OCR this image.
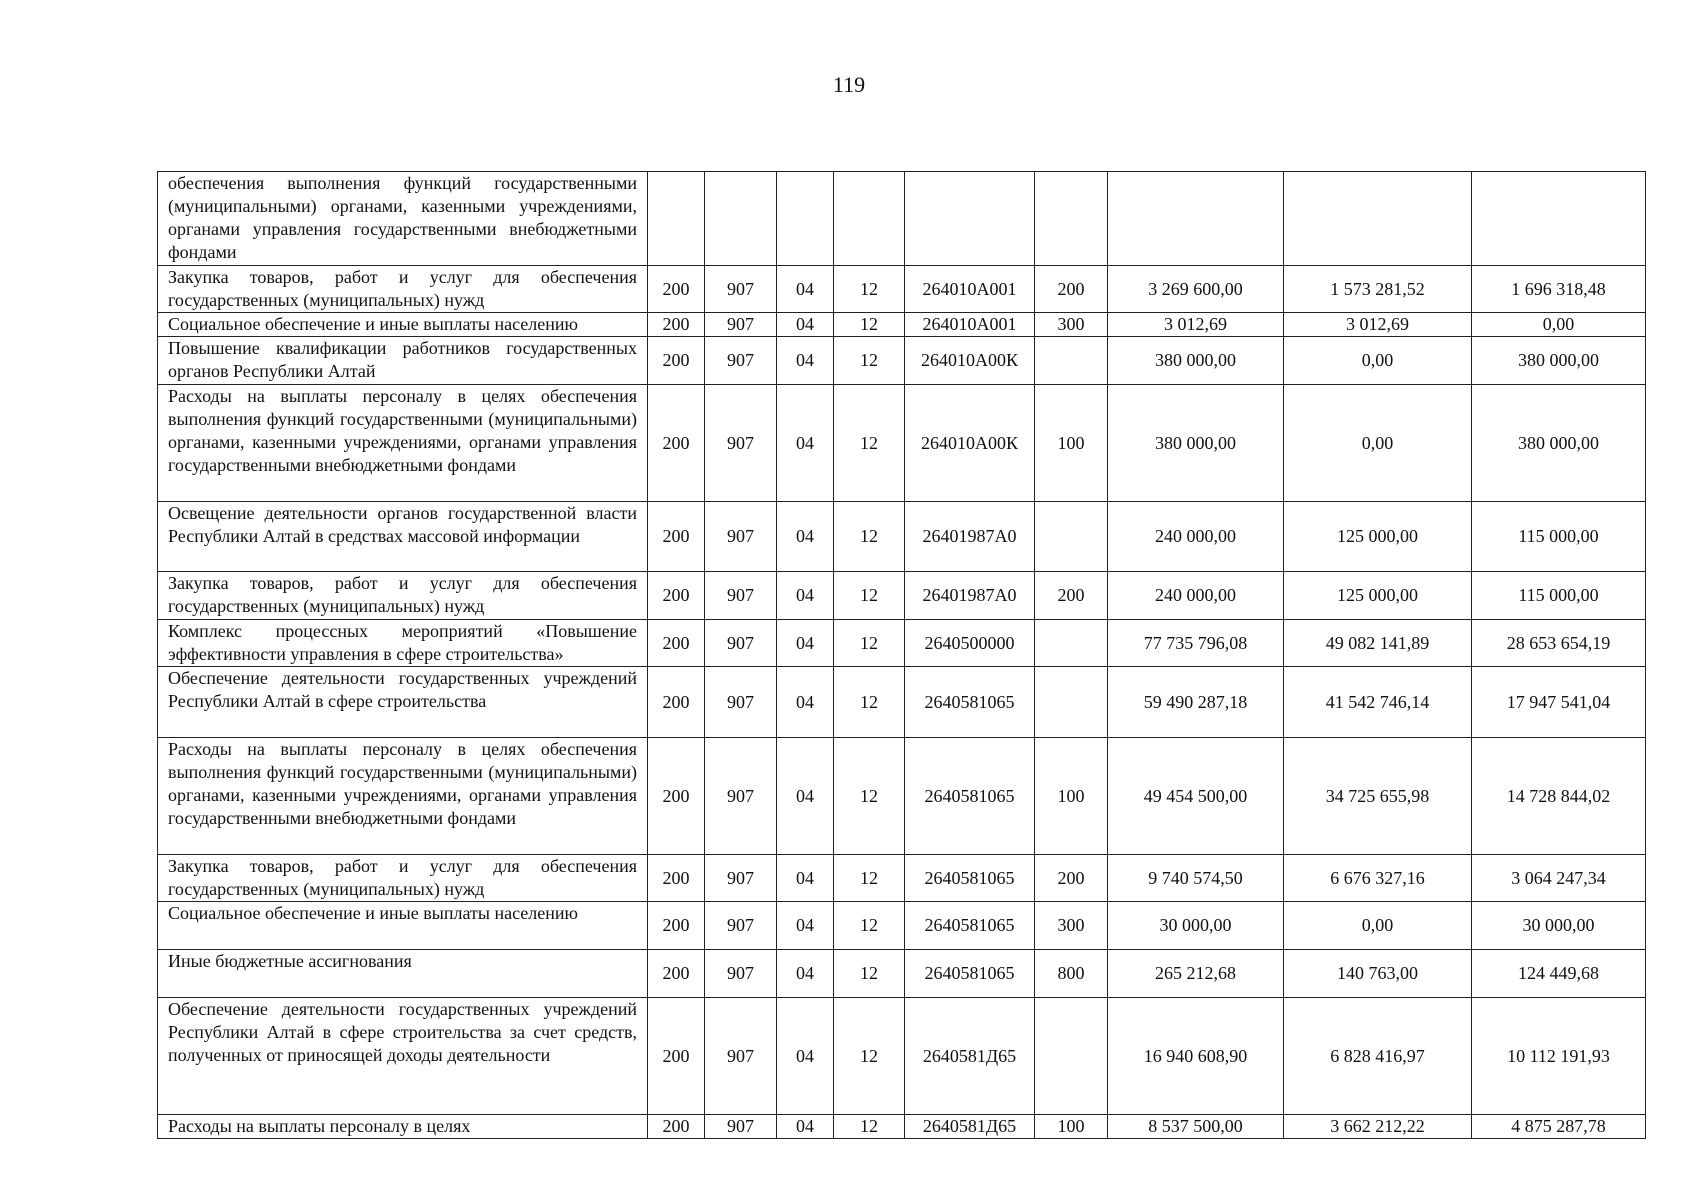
119
обеспечения выполнения функций государственными (муниципальными) органами, казенными учреждениями, органами управления государственными внебюджетными фондами									
Закупка товаров, работ и услуг для обеспечения государственных (муниципальных) нужд	200	907	04	12	264010А001	200	3 269 600,00	1 573 281,52	1 696 318,48
Социальное обеспечение и иные выплаты населению	200	907	04	12	264010А001	300	3 012,69	3 012,69	0,00
Повышение квалификации работников государственных органов Республики Алтай	200	907	04	12	264010А00К		380 000,00	0,00	380 000,00
Расходы на выплаты персоналу в целях обеспечения выполнения функций государственными (муниципальными) органами, казенными учреждениями, органами управления государственными внебюджетными фондами	200	907	04	12	264010А00К	100	380 000,00	0,00	380 000,00
Освещение деятельности органов государственной власти Республики Алтай в средствах массовой информации	200	907	04	12	26401987А0		240 000,00	125 000,00	115 000,00
Закупка товаров, работ и услуг для обеспечения государственных (муниципальных) нужд	200	907	04	12	26401987А0	200	240 000,00	125 000,00	115 000,00
Комплекс процессных мероприятий «Повышение эффективности управления в сфере строительства»	200	907	04	12	2640500000		77 735 796,08	49 082 141,89	28 653 654,19
Обеспечение деятельности государственных учреждений Республики Алтай в сфере строительства	200	907	04	12	2640581065		59 490 287,18	41 542 746,14	17 947 541,04
Расходы на выплаты персоналу в целях обеспечения выполнения функций государственными (муниципальными) органами, казенными учреждениями, органами управления государственными внебюджетными фондами	200	907	04	12	2640581065	100	49 454 500,00	34 725 655,98	14 728 844,02
Закупка товаров, работ и услуг для обеспечения государственных (муниципальных) нужд	200	907	04	12	2640581065	200	9 740 574,50	6 676 327,16	3 064 247,34
Социальное обеспечение и иные выплаты населению	200	907	04	12	2640581065	300	30 000,00	0,00	30 000,00
Иные бюджетные ассигнования	200	907	04	12	2640581065	800	265 212,68	140 763,00	124 449,68
Обеспечение деятельности государственных учреждений Республики Алтай в сфере строительства за счет средств, полученных от приносящей доходы деятельности	200	907	04	12	2640581Д65		16 940 608,90	6 828 416,97	10 112 191,93
Расходы на выплаты персоналу в целях	200	907	04	12	2640581Д65	100	8 537 500,00	3 662 212,22	4 875 287,78
